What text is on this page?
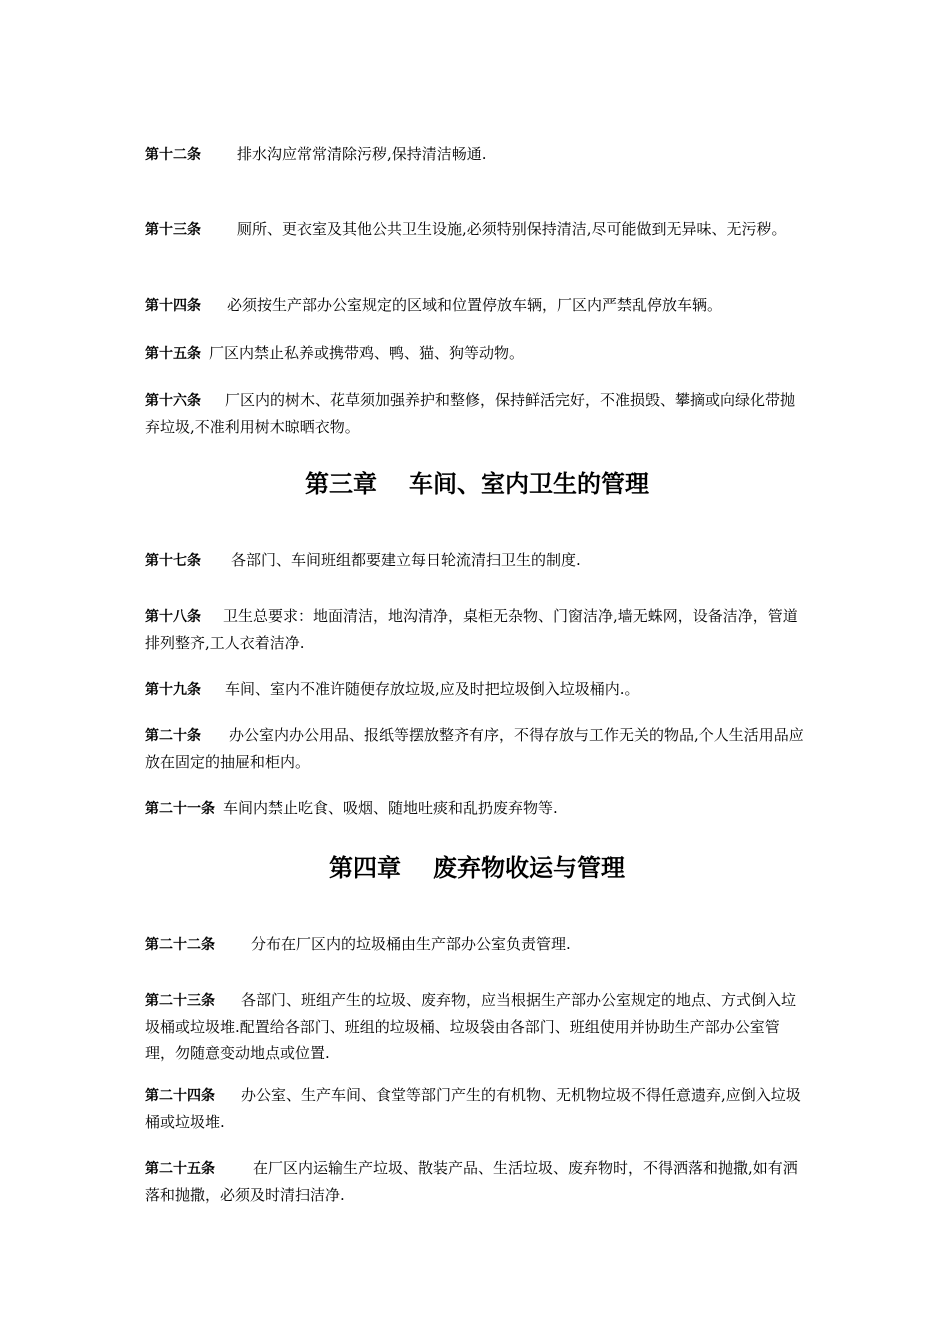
第十二条 排水沟应常常清除污秽,保持清洁畅通.

第十三条 厕所、更衣室及其他公共卫生设施,必须特别保持清洁,尽可能做到无异味、无污秽。

第十四条 必须按生产部办公室规定的区域和位置停放车辆，厂区内严禁乱停放车辆。

第十五条 厂区内禁止私养或携带鸡、鸭、猫、狗等动物。

第十六条 厂区内的树木、花草须加强养护和整修，保持鲜活完好，不准损毁、攀摘或向绿化带抛弃垃圾,不准利用树木晾晒衣物。

第三章 车间、室内卫生的管理

第十七条 各部门、车间班组都要建立每日轮流清扫卫生的制度.

第十八条 卫生总要求：地面清洁，地沟清净，桌柜无杂物、门窗洁净,墙无蛛网，设备洁净，管道排列整齐,工人衣着洁净.

第十九条 车间、室内不准许随便存放垃圾,应及时把垃圾倒入垃圾桶内.。

第二十条 办公室内办公用品、报纸等摆放整齐有序，不得存放与工作无关的物品,个人生活用品应放在固定的抽屉和柜内。

第二十一条 车间内禁止吃食、吸烟、随地吐痰和乱扔废弃物等.

第四章 废弃物收运与管理

第二十二条 分布在厂区内的垃圾桶由生产部办公室负责管理.

第二十三条 各部门、班组产生的垃圾、废弃物，应当根据生产部办公室规定的地点、方式倒入垃圾桶或垃圾堆.配置给各部门、班组的垃圾桶、垃圾袋由各部门、班组使用并协助生产部办公室管理，勿随意变动地点或位置.

第二十四条 办公室、生产车间、食堂等部门产生的有机物、无机物垃圾不得任意遗弃,应倒入垃圾桶或垃圾堆.

第二十五条	在厂区内运输生产垃圾、散装产品、生活垃圾、废弃物时，不得洒落和抛撒,如有洒落和抛撒，必须及时清扫洁净.
